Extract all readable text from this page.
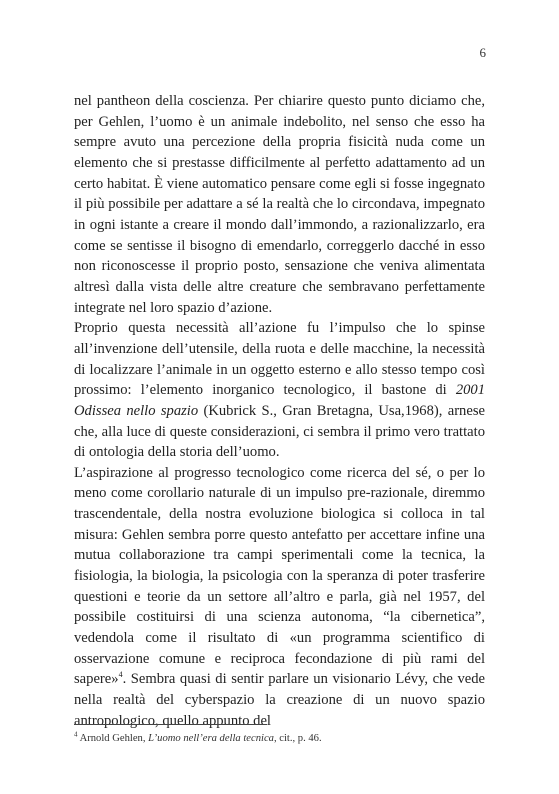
6

nel pantheon della coscienza. Per chiarire questo punto diciamo che, per Gehlen, l’uomo è un animale indebolito, nel senso che esso ha sempre avuto una percezione della propria fisicità nuda come un elemento che si prestasse difficilmente al perfetto adattamento ad un certo habitat. È viene automatico pensare come egli si fosse ingegnato il più possibile per adattare a sé la realtà che lo circondava, impegnato in ogni istante a creare il mondo dall’immondo, a razionalizzarlo, era come se sentisse il bisogno di emendarlo, correggerlo dacché in esso non riconoscesse il proprio posto, sensazione che veniva alimentata altresì dalla vista delle altre creature che sembravano perfettamente integrate nel loro spazio d’azione.

Proprio questa necessità all’azione fu l’impulso che lo spinse all’invenzione dell’utensile, della ruota e delle macchine, la necessità di localizzare l’animale in un oggetto esterno e allo stesso tempo così prossimo: l’elemento inorganico tecnologico, il bastone di 2001 Odissea nello spazio (Kubrick S., Gran Bretagna, Usa,1968), arnese che, alla luce di queste considerazioni, ci sembra il primo vero trattato di ontologia della storia dell’uomo.

L’aspirazione al progresso tecnologico come ricerca del sé, o per lo meno come corollario naturale di un impulso pre-razionale, diremmo trascendentale, della nostra evoluzione biologica si colloca in tal misura: Gehlen sembra porre questo antefatto per accettare infine una mutua collaborazione tra campi sperimentali come la tecnica, la fisiologia, la biologia, la psicologia con la speranza di poter trasferire questioni e teorie da un settore all’altro e parla, già nel 1957, del possibile costituirsi di una scienza autonoma, “la cibernetica”, vedendola come il risultato di «un programma scientifico di osservazione comune e reciproca fecondazione di più rami del sapere»$^4$. Sembra quasi di sentir parlare un visionario Lévy, che vede nella realtà del cyberspazio la creazione di un nuovo spazio antropologico, quello appunto del

$^4$ Arnold Gehlen, L’uomo nell’era della tecnica, cit., p. 46.
